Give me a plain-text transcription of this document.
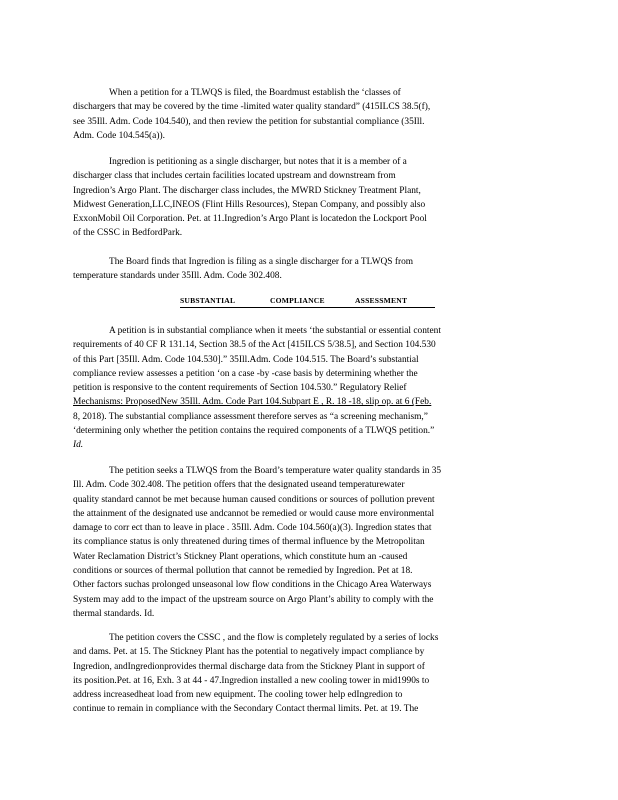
When a petition for a TLWQS is filed, the Boardmust establish the ‘classes of
dischargers that may be covered by the time -limited water quality standard” (415ILCS 38.5(f),
see 35Ill. Adm. Code 104.540), and then review the petition for substantial compliance (35Ill.
Adm. Code 104.545(a)).
Ingredion is petitioning as a single discharger, but notes that it is a member of a
discharger class that includes certain facilities located upstream and downstream from
Ingredion’s Argo Plant. The discharger class includes, the MWRD Stickney Treatment Plant,
Midwest Generation,LLC,INEOS (Flint Hills Resources), Stepan Company, and possibly also
ExxonMobil Oil Corporation. Pet. at 11.Ingredion’s Argo Plant is locatedon the Lockport Pool
of the CSSC in BedfordPark.
The Board finds that Ingredion is filing as a single discharger for a TLWQS from
temperature standards under 35Ill. Adm. Code 302.408.
SUBSTANTIAL	COMPLIANCE	ASSESSMENT
A petition is in substantial compliance when it meets ‘the substantial or essential content
requirements of 40 CF R 131.14, Section 38.5 of the Act [415ILCS 5/38.5], and Section 104.530
of this Part [35Ill. Adm. Code 104.530].” 35Ill.Adm. Code 104.515. The Board’s substantial
compliance review assesses a petition ‘on a case -by -case basis by determining whether the
petition is responsive to the content requirements of Section 104.530.” Regulatory Relief
Mechanisms: ProposedNew 35Ill. Adm. Code Part 104.Subpart E , R. 18 -18, slip op. at 6 (Feb.
8, 2018). The substantial compliance assessment therefore serves as “a screening mechanism,”
‘determining only whether the petition contains the required components of a TLWQS petition.”
Id.
The petition seeks a TLWQS from the Board’s temperature water quality standards in 35
Ill. Adm. Code 302.408. The petition offers that the designated useand temperaturewater
quality standard cannot be met because human caused conditions or sources of pollution prevent
the attainment of the designated use andcannot be remedied or would cause more environmental
damage to corr ect than to leave in place . 35Ill. Adm. Code 104.560(a)(3). Ingredion states that
its compliance status is only threatened during times of thermal influence by the Metropolitan
Water Reclamation District’s Stickney Plant operations, which constitute hum an -caused
conditions or sources of thermal pollution that cannot be remedied by Ingredion. Pet at 18.
Other factors suchas prolonged unseasonal low flow conditions in the Chicago Area Waterways
System may add to the impact of the upstream source on Argo Plant’s ability to comply with the
thermal standards. Id.
The petition covers the CSSC , and the flow is completely regulated by a series of locks
and dams. Pet. at 15. The Stickney Plant has the potential to negatively impact compliance by
Ingredion, andIngredionprovides thermal discharge data from the Stickney Plant in support of
its position.Pet. at 16, Exh. 3 at 44 - 47.Ingredion installed a new cooling tower in mid1990s to
address increasedheat load from new equipment. The cooling tower help edIngredion to
continue to remain in compliance with the Secondary Contact thermal limits. Pet. at 19. The
